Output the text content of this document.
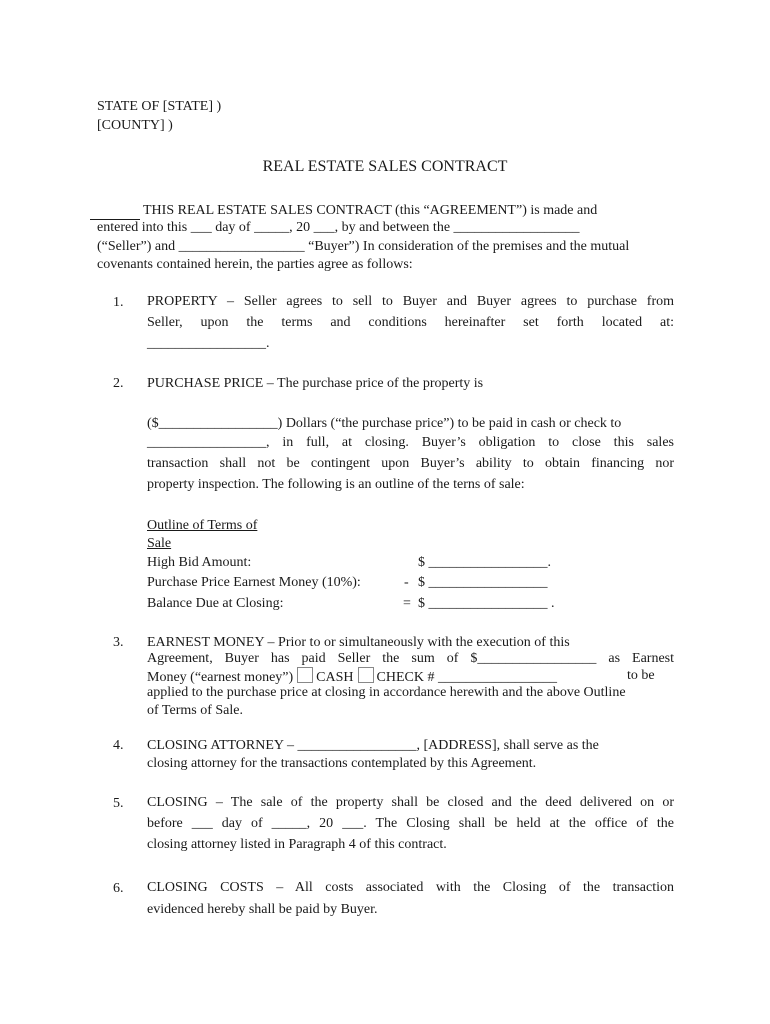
STATE OF [STATE] )
[COUNTY] )
REAL ESTATE SALES CONTRACT
THIS REAL ESTATE SALES CONTRACT (this “AGREEMENT”) is made and
entered into this ___ day of _____, 20 ___, by and between the __________________
(“Seller”) and __________________ “Buyer”) In consideration of the premises and the mutual
covenants contained herein, the parties agree as follows:
1. PROPERTY – Seller agrees to sell to Buyer and Buyer agrees to purchase from
Seller, upon the terms and conditions hereinafter set forth located at:
_________________.
2. PURCHASE PRICE – The purchase price of the property is
($_________________) Dollars (“the purchase price”) to be paid in cash or check to
_________________, in full, at closing. Buyer’s obligation to close this sales
transaction shall not be contingent upon Buyer’s ability to obtain financing nor
property inspection. The following is an outline of the terns of sale:
Outline of Terms of
Sale
High Bid Amount:	$ _________________.
Purchase Price Earnest Money (10%):	- $ _________________
Balance Due at Closing:	= $ _________________ .
3. EARNEST MONEY – Prior to or simultaneously with the execution of this
Agreement, Buyer has paid Seller the sum of $_________________ as Earnest
Money (“earnest money”) CASH CHECK # _________________	to be
applied to the purchase price at closing in accordance herewith and the above Outline
of Terms of Sale.
4. CLOSING ATTORNEY – _________________, [ADDRESS], shall serve as the
closing attorney for the transactions contemplated by this Agreement.
5. CLOSING – The sale of the property shall be closed and the deed delivered on or
before ___ day of _____, 20 ___. The Closing shall be held at the office of the
closing attorney listed in Paragraph 4 of this contract.
6. CLOSING COSTS – All costs associated with the Closing of the transaction
evidenced hereby shall be paid by Buyer.
